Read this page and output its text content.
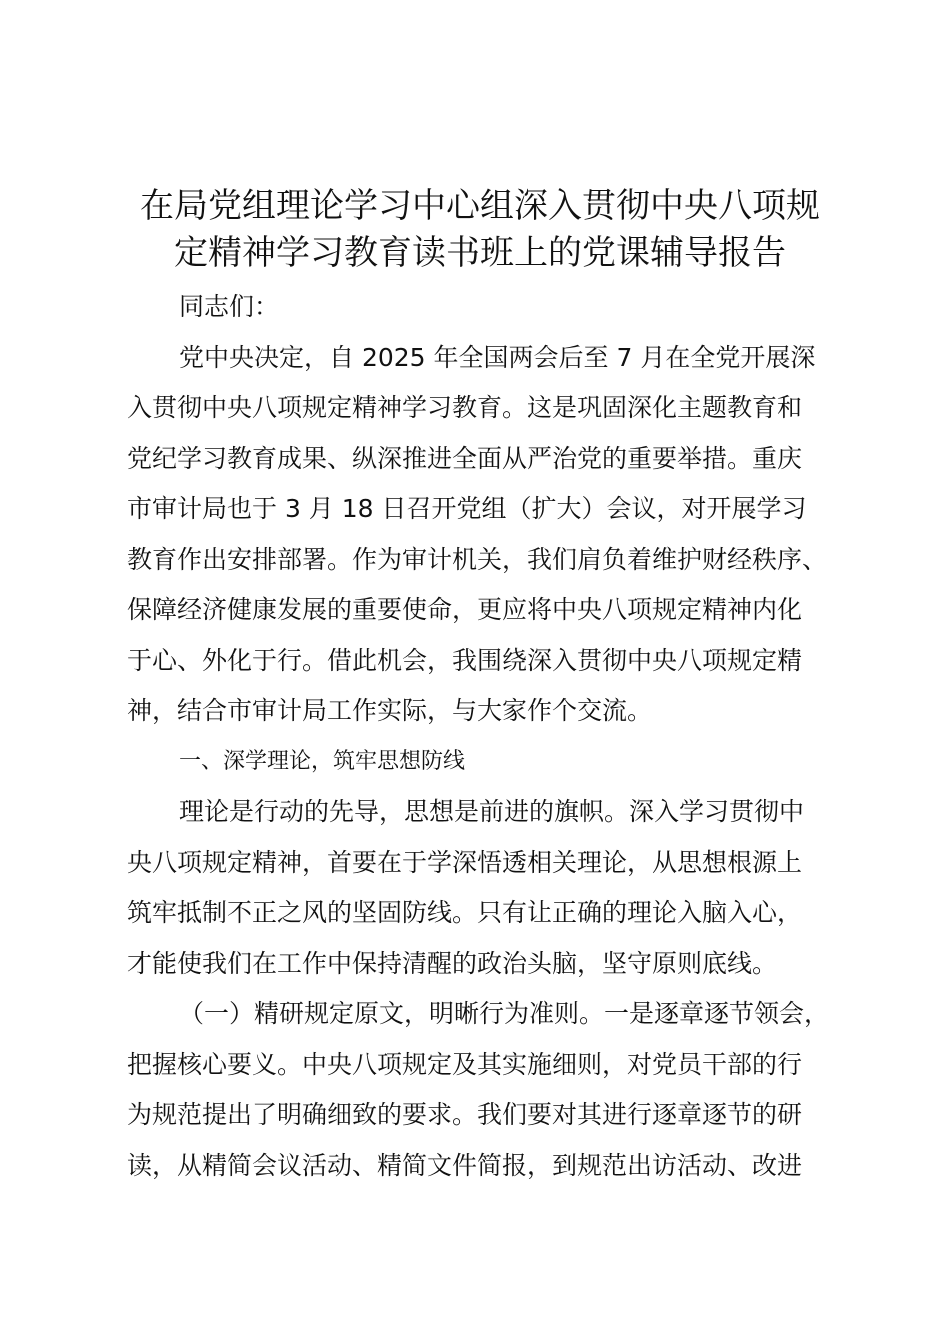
在局党组理论学习中心组深入贯彻中央八项规
定精神学习教育读书班上的党课辅导报告
同志们：
党中央决定，自 2025 年全国两会后至 7 月在全党开展深
入贯彻中央八项规定精神学习教育。这是巩固深化主题教育和
党纪学习教育成果、纵深推进全面从严治党的重要举措。重庆
市审计局也于 3 月 18 日召开党组（扩大）会议，对开展学习
教育作出安排部署。作为审计机关，我们肩负着维护财经秩序、
保障经济健康发展的重要使命，更应将中央八项规定精神内化
于心、外化于行。借此机会，我围绕深入贯彻中央八项规定精
神，结合市审计局工作实际，与大家作个交流。
一、深学理论，筑牢思想防线
理论是行动的先导，思想是前进的旗帜。深入学习贯彻中
央八项规定精神，首要在于学深悟透相关理论，从思想根源上
筑牢抵制不正之风的坚固防线。只有让正确的理论入脑入心，
才能使我们在工作中保持清醒的政治头脑，坚守原则底线。
（一）精研规定原文，明晰行为准则。一是逐章逐节领会，
把握核心要义。中央八项规定及其实施细则，对党员干部的行
为规范提出了明确细致的要求。我们要对其进行逐章逐节的研
读，从精简会议活动、精简文件简报，到规范出访活动、改进
